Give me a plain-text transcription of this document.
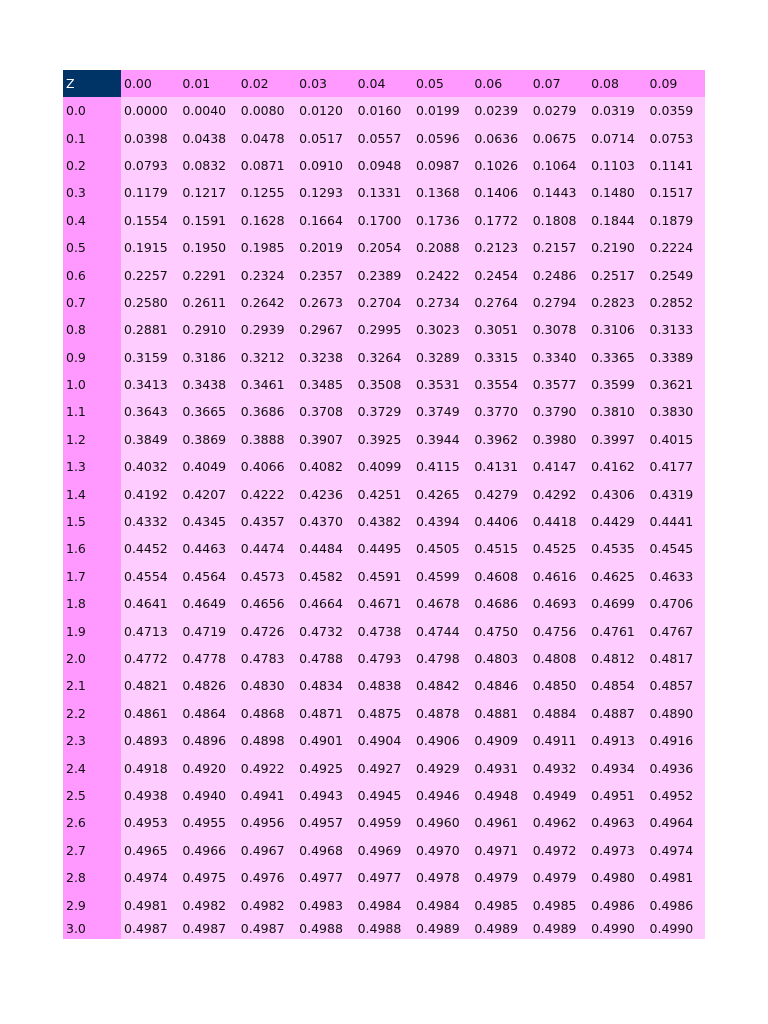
Z	0.00	0.01	0.02	0.03	0.04	0.05	0.06	0.07	0.08	0.09
0.0	0.0000	0.0040	0.0080	0.0120	0.0160	0.0199	0.0239	0.0279	0.0319	0.0359
0.1	0.0398	0.0438	0.0478	0.0517	0.0557	0.0596	0.0636	0.0675	0.0714	0.0753
0.2	0.0793	0.0832	0.0871	0.0910	0.0948	0.0987	0.1026	0.1064	0.1103	0.1141
0.3	0.1179	0.1217	0.1255	0.1293	0.1331	0.1368	0.1406	0.1443	0.1480	0.1517
0.4	0.1554	0.1591	0.1628	0.1664	0.1700	0.1736	0.1772	0.1808	0.1844	0.1879
0.5	0.1915	0.1950	0.1985	0.2019	0.2054	0.2088	0.2123	0.2157	0.2190	0.2224
0.6	0.2257	0.2291	0.2324	0.2357	0.2389	0.2422	0.2454	0.2486	0.2517	0.2549
0.7	0.2580	0.2611	0.2642	0.2673	0.2704	0.2734	0.2764	0.2794	0.2823	0.2852
0.8	0.2881	0.2910	0.2939	0.2967	0.2995	0.3023	0.3051	0.3078	0.3106	0.3133
0.9	0.3159	0.3186	0.3212	0.3238	0.3264	0.3289	0.3315	0.3340	0.3365	0.3389
1.0	0.3413	0.3438	0.3461	0.3485	0.3508	0.3531	0.3554	0.3577	0.3599	0.3621
1.1	0.3643	0.3665	0.3686	0.3708	0.3729	0.3749	0.3770	0.3790	0.3810	0.3830
1.2	0.3849	0.3869	0.3888	0.3907	0.3925	0.3944	0.3962	0.3980	0.3997	0.4015
1.3	0.4032	0.4049	0.4066	0.4082	0.4099	0.4115	0.4131	0.4147	0.4162	0.4177
1.4	0.4192	0.4207	0.4222	0.4236	0.4251	0.4265	0.4279	0.4292	0.4306	0.4319
1.5	0.4332	0.4345	0.4357	0.4370	0.4382	0.4394	0.4406	0.4418	0.4429	0.4441
1.6	0.4452	0.4463	0.4474	0.4484	0.4495	0.4505	0.4515	0.4525	0.4535	0.4545
1.7	0.4554	0.4564	0.4573	0.4582	0.4591	0.4599	0.4608	0.4616	0.4625	0.4633
1.8	0.4641	0.4649	0.4656	0.4664	0.4671	0.4678	0.4686	0.4693	0.4699	0.4706
1.9	0.4713	0.4719	0.4726	0.4732	0.4738	0.4744	0.4750	0.4756	0.4761	0.4767
2.0	0.4772	0.4778	0.4783	0.4788	0.4793	0.4798	0.4803	0.4808	0.4812	0.4817
2.1	0.4821	0.4826	0.4830	0.4834	0.4838	0.4842	0.4846	0.4850	0.4854	0.4857
2.2	0.4861	0.4864	0.4868	0.4871	0.4875	0.4878	0.4881	0.4884	0.4887	0.4890
2.3	0.4893	0.4896	0.4898	0.4901	0.4904	0.4906	0.4909	0.4911	0.4913	0.4916
2.4	0.4918	0.4920	0.4922	0.4925	0.4927	0.4929	0.4931	0.4932	0.4934	0.4936
2.5	0.4938	0.4940	0.4941	0.4943	0.4945	0.4946	0.4948	0.4949	0.4951	0.4952
2.6	0.4953	0.4955	0.4956	0.4957	0.4959	0.4960	0.4961	0.4962	0.4963	0.4964
2.7	0.4965	0.4966	0.4967	0.4968	0.4969	0.4970	0.4971	0.4972	0.4973	0.4974
2.8	0.4974	0.4975	0.4976	0.4977	0.4977	0.4978	0.4979	0.4979	0.4980	0.4981
2.9	0.4981	0.4982	0.4982	0.4983	0.4984	0.4984	0.4985	0.4985	0.4986	0.4986
3.0	0.4987	0.4987	0.4987	0.4988	0.4988	0.4989	0.4989	0.4989	0.4990	0.4990
